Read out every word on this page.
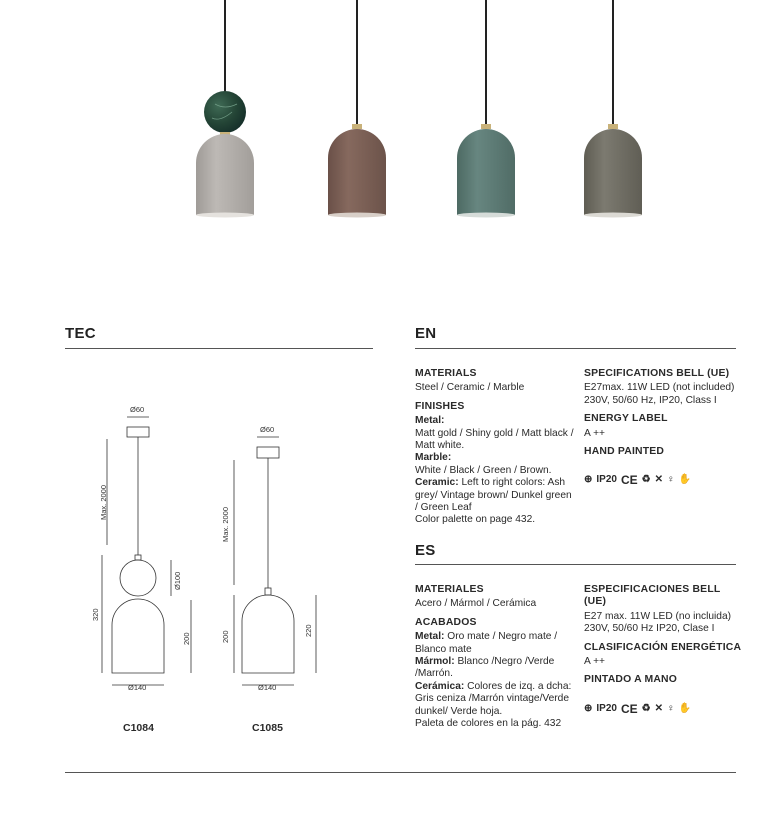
TEC	EN
ES

MATERIALS

Steel / Ceramic / Marble

FINISHES

Metal:

Matt gold / Shiny gold / Matt black / Matt white.

Marble:

White / Black / Green / Brown.

Ceramic: Left to right colors: Ash grey/ Vintage brown/ Dunkel green / Green Leaf

Color palette on page 432.

SPECIFICATIONS BELL (UE)

E27max. 11W LED (not included)

230V, 50/60 Hz, IP20, Class I

ENERGY LABEL

A ++

HAND PAINTED

⊕ IP20 CE ♻ ✕ ♀ ✋

MATERIALES

Acero / Mármol / Cerámica

ACABADOS

Metal: Oro mate / Negro mate / Blanco mate

Mármol: Blanco /Negro /Verde /Marrón.

Cerámica: Colores de izq. a dcha: Gris ceniza /Marrón vintage/Verde dunkel/ Verde hoja.

Paleta de colores en la pág. 432

ESPECIFICACIONES BELL (UE)

E27 max. 11W LED (no incluida)

230V, 50/60 Hz IP20, Clase I

CLASIFICACIÓN ENERGÉTICA

A ++

PINTADO A MANO

⊕ IP20 CE ♻ ✕ ♀ ✋
Ø60
Max. 2000
Ø100
320
200
Ø140
Ø60
Max. 2000
200	220
Ø140
C1084	C1085
